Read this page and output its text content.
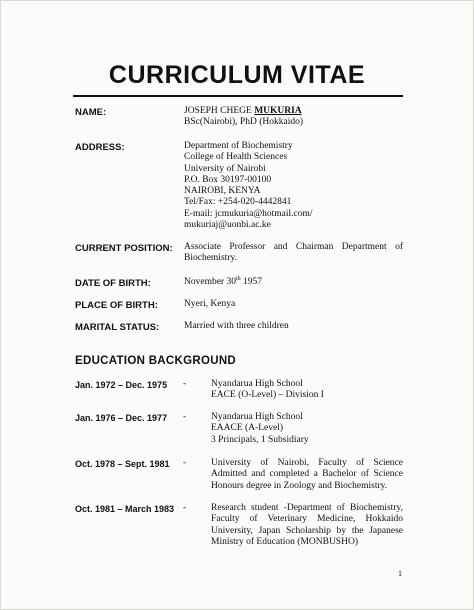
CURRICULUM VITAE
NAME:	JOSEPH CHEGE MUKURIA
BSc(Nairobi), PhD (Hokkaido)
ADDRESS:	Department of Biochemistry
College of Health Sciences
University of Nairobi
P.O. Box 30197-00100
NAIROBI, KENYA
Tel/Fax: +254-020-4442841
E-mail: jcmukuria@hotmail.com/
mukuriaj@uonbi.ac.ke
CURRENT POSITION: Associate Professor and Chairman Department of Biochemistry.
DATE OF BIRTH:	November 30th 1957
PLACE OF BIRTH:	Nyeri, Kenya
MARITAL STATUS:	Married with three children
EDUCATION BACKGROUND
Jan. 1972 – Dec. 1975 -	Nyandarua High School
EACE (O-Level) – Division I
Jan. 1976 – Dec. 1977 -	Nyandarua High School
EAACE (A-Level)
3 Principals, 1 Subsidiary
Oct. 1978 – Sept. 1981 -	University of Nairobi, Faculty of Science Admitted and completed a Bachelor of Science Honours degree in Zoology and Biochemistry.
Oct. 1981 – March 1983 -	Research student -Department of Biochemistry, Faculty of Veterinary Medicine, Hokkaido University, Japan Scholarship by the Japanese Ministry of Education (MONBUSHO)
1
